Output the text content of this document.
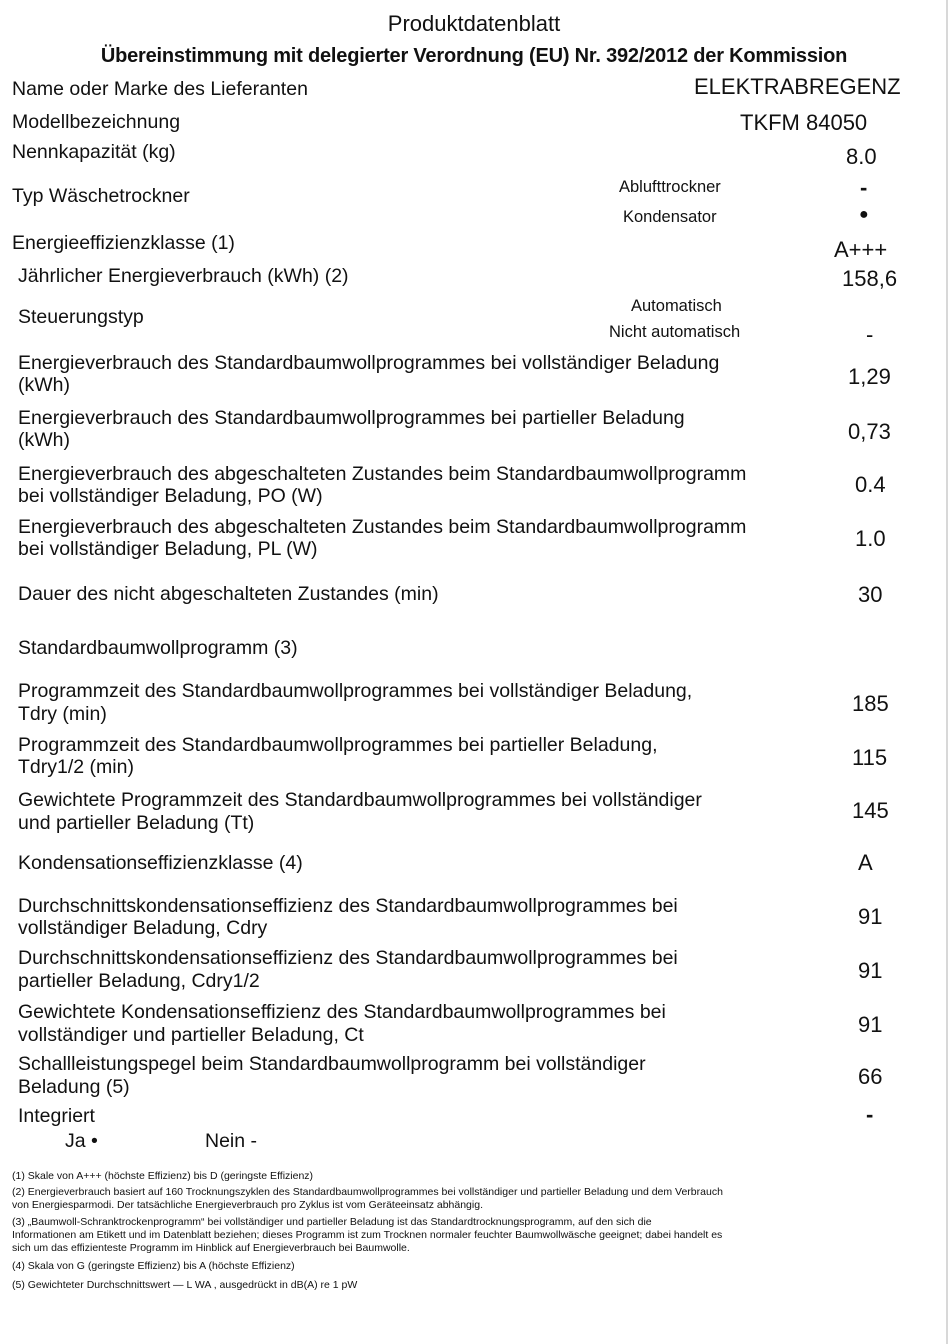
Produktdatenblatt
Übereinstimmung mit delegierter Verordnung (EU) Nr. 392/2012 der Kommission
Name oder Marke des Lieferanten	ELEKTRABREGENZ
Modellbezeichnung	TKFM 84050
Nennkapazität (kg)	8.0
Typ Wäschetrockner	Ablufttrockner	-
Kondensator	●
Energieeffizienzklasse (1)	A+++
Jährlicher Energieverbrauch (kWh) (2)	158,6
Steuerungstyp	Automatisch
Nicht automatisch	-
Energieverbrauch des Standardbaumwollprogrammes bei vollständiger Beladung
(kWh)	1,29
Energieverbrauch des Standardbaumwollprogrammes bei partieller Beladung
(kWh)	0,73
Energieverbrauch des abgeschalteten Zustandes beim Standardbaumwollprogramm
bei vollständiger Beladung, PO (W)	0.4
Energieverbrauch des abgeschalteten Zustandes beim Standardbaumwollprogramm
bei vollständiger Beladung, PL (W)	1.0
Dauer des nicht abgeschalteten Zustandes (min)	30
Standardbaumwollprogramm (3)
Programmzeit des Standardbaumwollprogrammes bei vollständiger Beladung,
Tdry (min)	185
Programmzeit des Standardbaumwollprogrammes bei partieller Beladung,
Tdry1/2 (min)	115
Gewichtete Programmzeit des Standardbaumwollprogrammes bei vollständiger
und partieller Beladung (Tt)	145
Kondensationseffizienzklasse (4)	A
Durchschnittskondensationseffizienz des Standardbaumwollprogrammes bei
vollständiger Beladung, Cdry	91
Durchschnittskondensationseffizienz des Standardbaumwollprogrammes bei
partieller Beladung, Cdry1/2	91
Gewichtete Kondensationseffizienz des Standardbaumwollprogrammes bei
vollständiger und partieller Beladung, Ct	91
Schallleistungspegel beim Standardbaumwollprogramm bei vollständiger
Beladung (5)	66
Integriert	-
Ja •	Nein -
(1) Skale von A+++ (höchste Effizienz) bis D (geringste Effizienz)
(2) Energieverbrauch basiert auf 160 Trocknungszyklen des Standardbaumwollprogrammes bei vollständiger und partieller Beladung und dem Verbrauch
von Energiesparmodi. Der tatsächliche Energieverbrauch pro Zyklus ist vom Geräteeinsatz abhängig.
(3) „Baumwoll-Schranktrockenprogramm“ bei vollständiger und partieller Beladung ist das Standardtrocknungsprogramm, auf den sich die
Informationen am Etikett und im Datenblatt beziehen; dieses Programm ist zum Trocknen normaler feuchter Baumwollwäsche geeignet; dabei handelt es
sich um das effizienteste Programm im Hinblick auf Energieverbrauch bei Baumwolle.
(4) Skala von G (geringste Effizienz) bis A (höchste Effizienz)
(5) Gewichteter Durchschnittswert — L WA , ausgedrückt in dB(A) re 1 pW
